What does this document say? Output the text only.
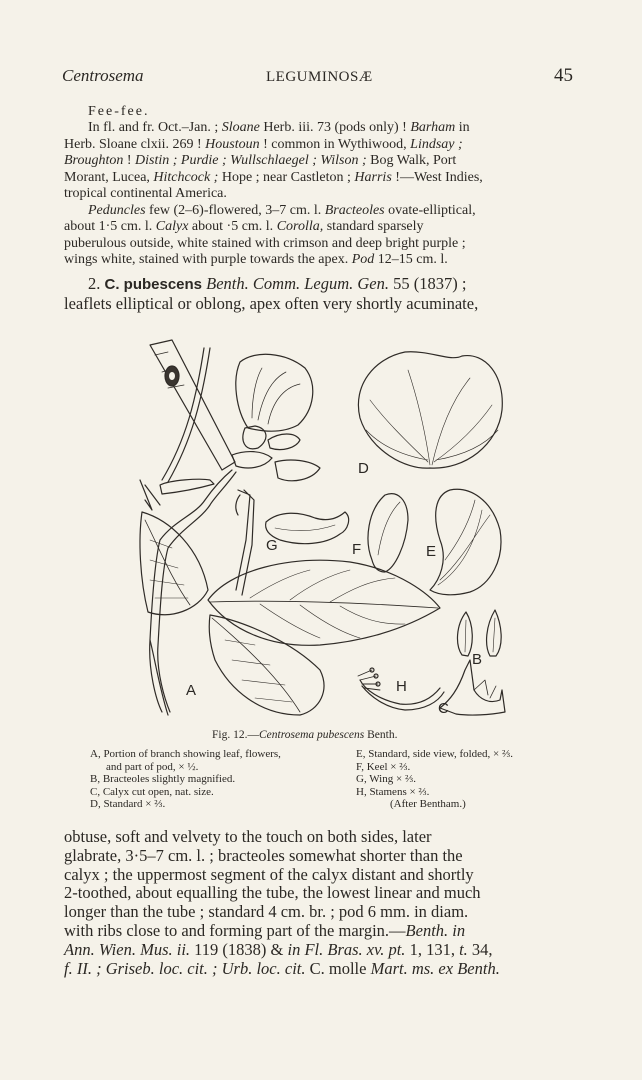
Centrosema	LEGUMINOSÆ	45
Fee-fee.
In fl. and fr. Oct.–Jan. ; Sloane Herb. iii. 73 (pods only) ! Barham in
Herb. Sloane clxii. 269 ! Houstoun ! common in Wythiwood, Lindsay ;
Broughton ! Distin ; Purdie ; Wullschlaegel ; Wilson ; Bog Walk, Port
Morant, Lucea, Hitchcock ; Hope ; near Castleton ; Harris !—West Indies,
tropical continental America.
Peduncles few (2–6)-flowered, 3–7 cm. l. Bracteoles ovate-elliptical,
about 1·5 cm. l. Calyx about ·5 cm. l. Corolla, standard sparsely
puberulous outside, white stained with crimson and deep bright purple ;
wings white, stained with purple towards the apex. Pod 12–15 cm. l.
2. C. pubescens Benth. Comm. Legum. Gen. 55 (1837) ;
leaflets elliptical or oblong, apex often very shortly acuminate,
A
B
C
D
E
F
G
H
Fig. 12.—Centrosema pubescens Benth.
A, Portion of branch showing leaf, flowers,
and part of pod, × ½.
B, Bracteoles slightly magnified.
C, Calyx cut open, nat. size.
D, Standard × ⅔.
E, Standard, side view, folded, × ⅔.
F, Keel × ⅔.
G, Wing × ⅔.
H, Stamens × ⅔.
(After Bentham.)
obtuse, soft and velvety to the touch on both sides, later
glabrate, 3·5–7 cm. l. ; bracteoles somewhat shorter than the
calyx ; the uppermost segment of the calyx distant and shortly
2-toothed, about equalling the tube, the lowest linear and much
longer than the tube ; standard 4 cm. br. ; pod 6 mm. in diam.
with ribs close to and forming part of the margin.—Benth. in
Ann. Wien. Mus. ii. 119 (1838) & in Fl. Bras. xv. pt. 1, 131, t. 34,
f. II. ; Griseb. loc. cit. ; Urb. loc. cit. C. molle Mart. ms. ex Benth.
